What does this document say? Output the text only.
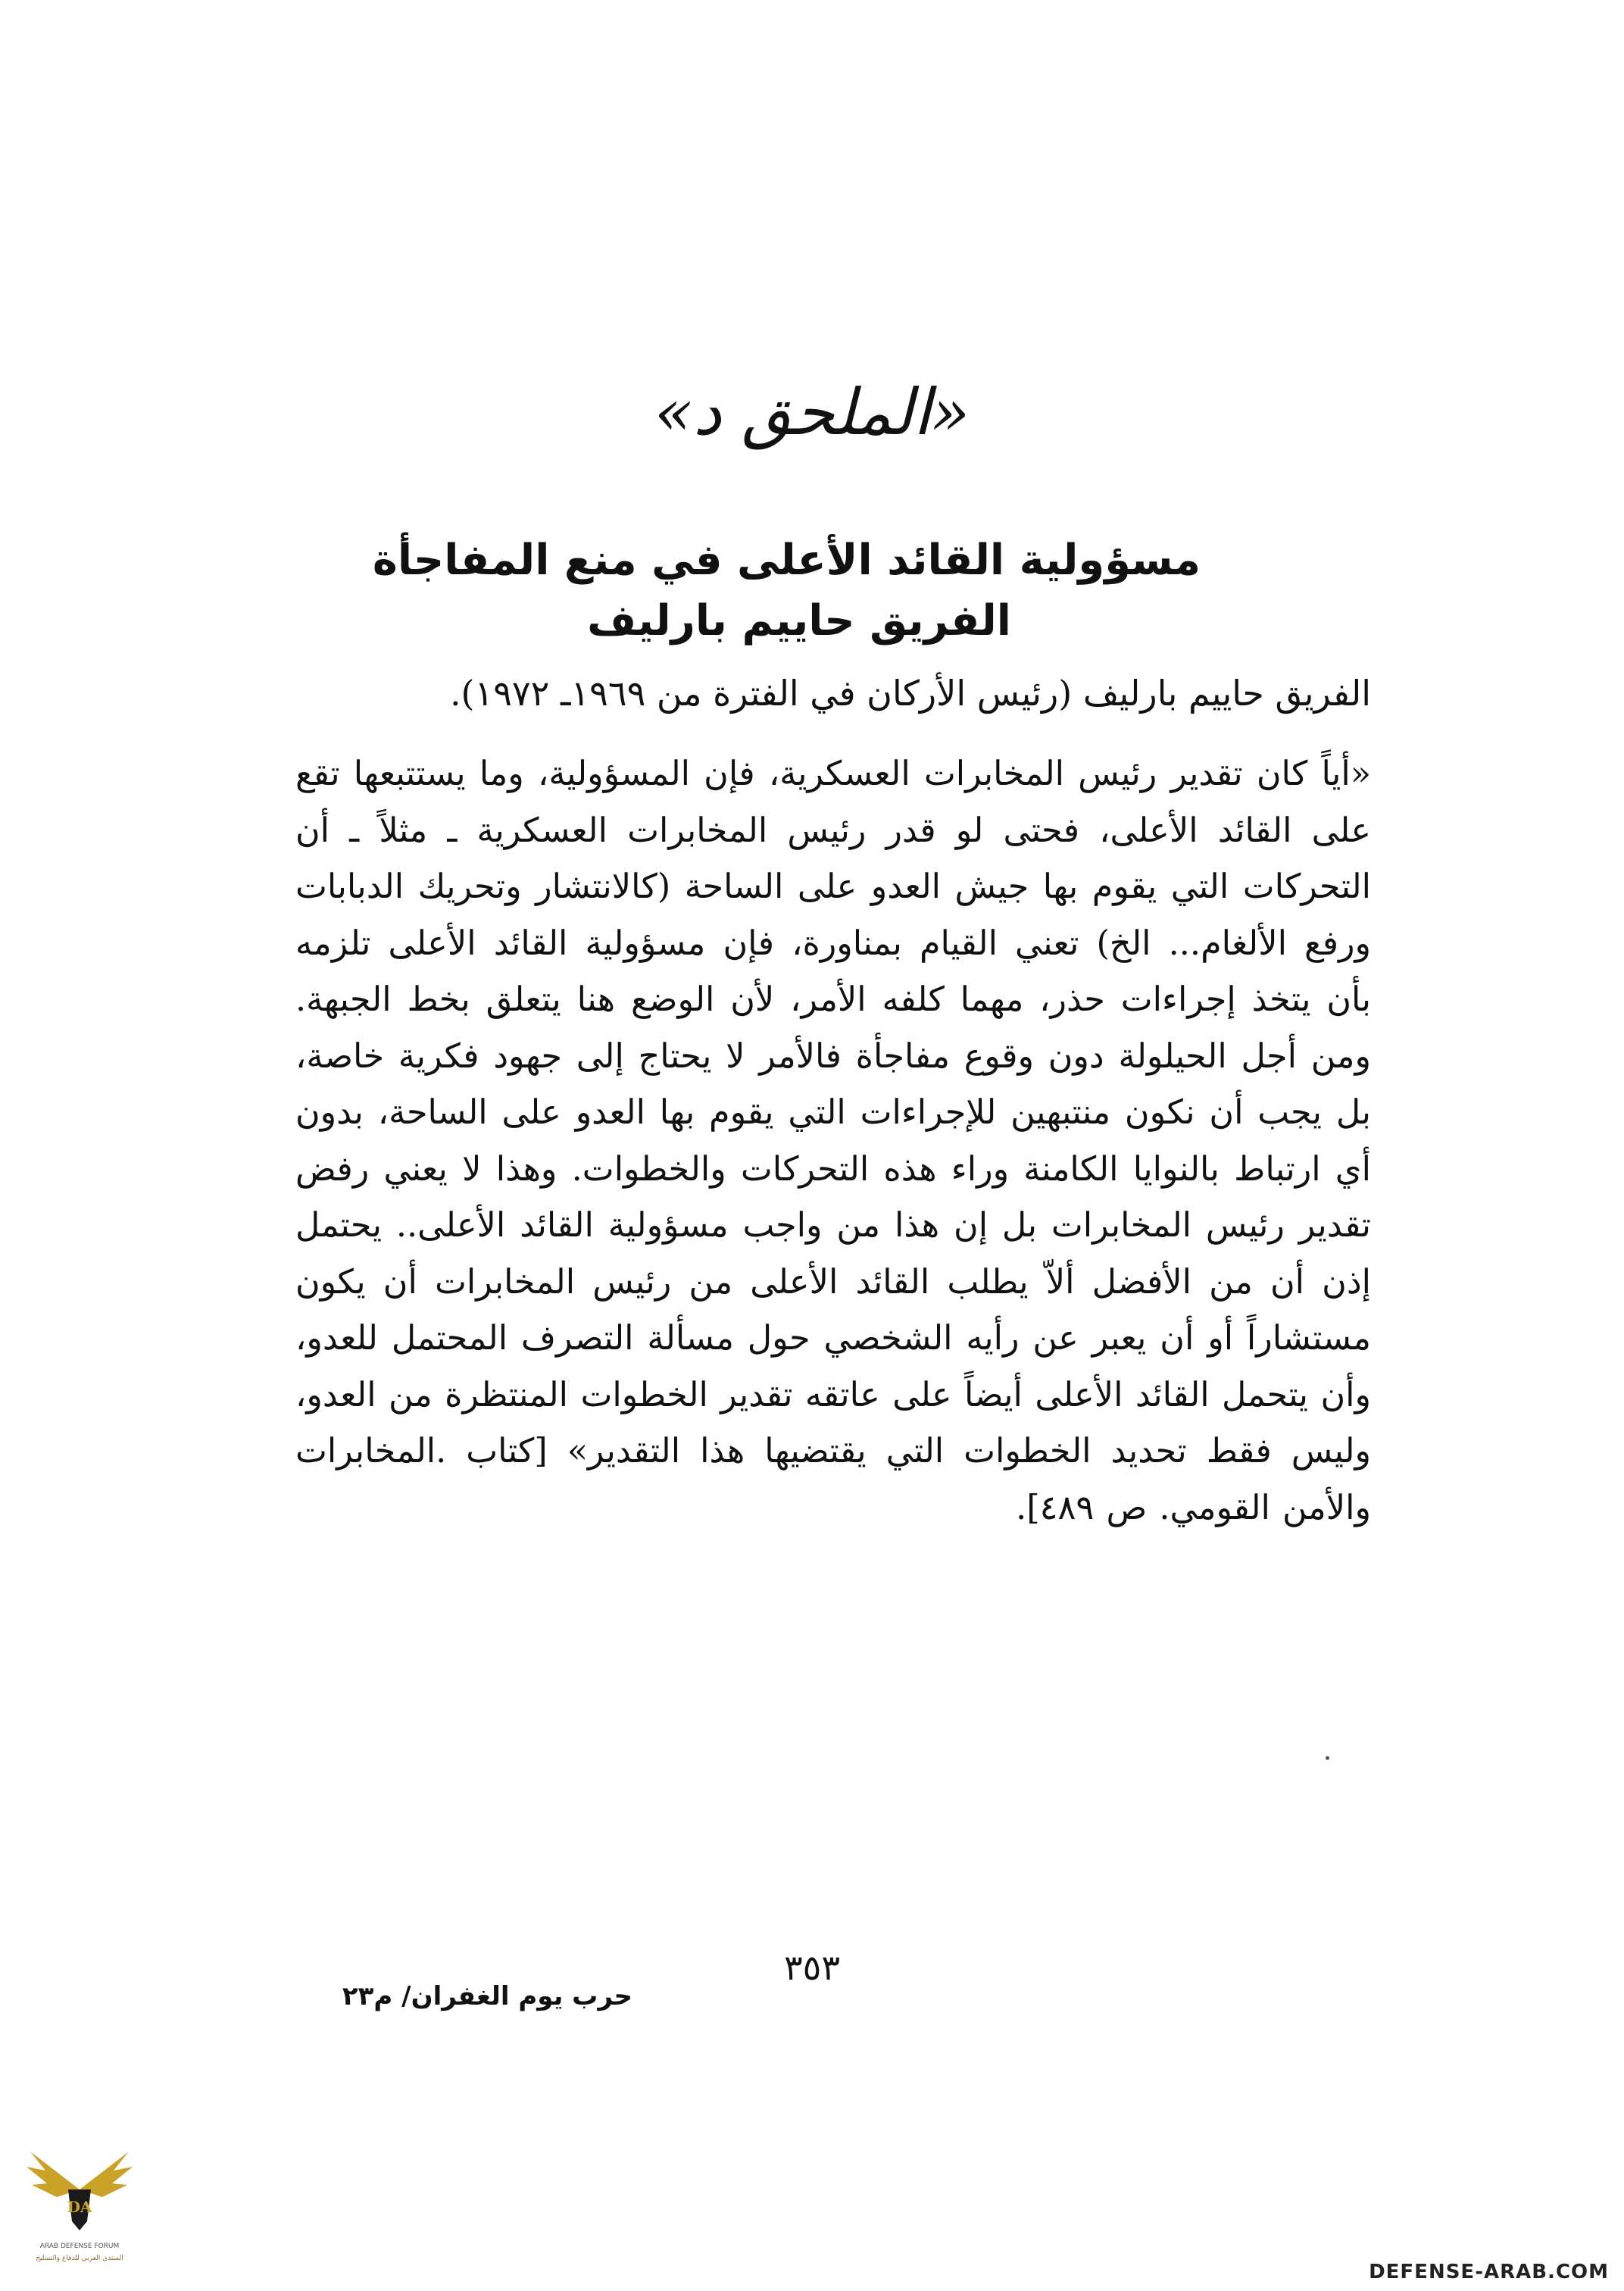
«الملحق د»
مسؤولية القائد الأعلى في منع المفاجأة
الفريق حاييم بارليف
الفريق حاييم بارليف (رئيس الأركان في الفترة من ١٩٦٩ـ ١٩٧٢).
«أياً كان تقدير رئيس المخابرات العسكرية، فإن المسؤولية، وما يستتبعها تقع على القائد الأعلى، فحتى لو قدر رئيس المخابرات العسكرية ـ مثلاً ـ أن التحركات التي يقوم بها جيش العدو على الساحة (كالانتشار وتحريك الدبابات ورفع الألغام... الخ) تعني القيام بمناورة، فإن مسؤولية القائد الأعلى تلزمه بأن يتخذ إجراءات حذر، مهما كلفه الأمر، لأن الوضع هنا يتعلق بخط الجبهة. ومن أجل الحيلولة دون وقوع مفاجأة فالأمر لا يحتاج إلى جهود فكرية خاصة، بل يجب أن نكون منتبهين للإجراءات التي يقوم بها العدو على الساحة، بدون أي ارتباط بالنوايا الكامنة وراء هذه التحركات والخطوات. وهذا لا يعني رفض تقدير رئيس المخابرات بل إن هذا من واجب مسؤولية القائد الأعلى.. يحتمل إذن أن من الأفضل ألاّ يطلب القائد الأعلى من رئيس المخابرات أن يكون مستشاراً أو أن يعبر عن رأيه الشخصي حول مسألة التصرف المحتمل للعدو، وأن يتحمل القائد الأعلى أيضاً على عاتقه تقدير الخطوات المنتظرة من العدو، وليس فقط تحديد الخطوات التي يقتضيها هذا التقدير» [كتاب .المخابرات والأمن القومي. ص ٤٨٩].
٣٥٣
حرب يوم الغفران/ م٢٣
DA
ARAB DEFENSE FORUM
المنتدى العربي للدفاع والتسليح
DEFENSE-ARAB.COM
